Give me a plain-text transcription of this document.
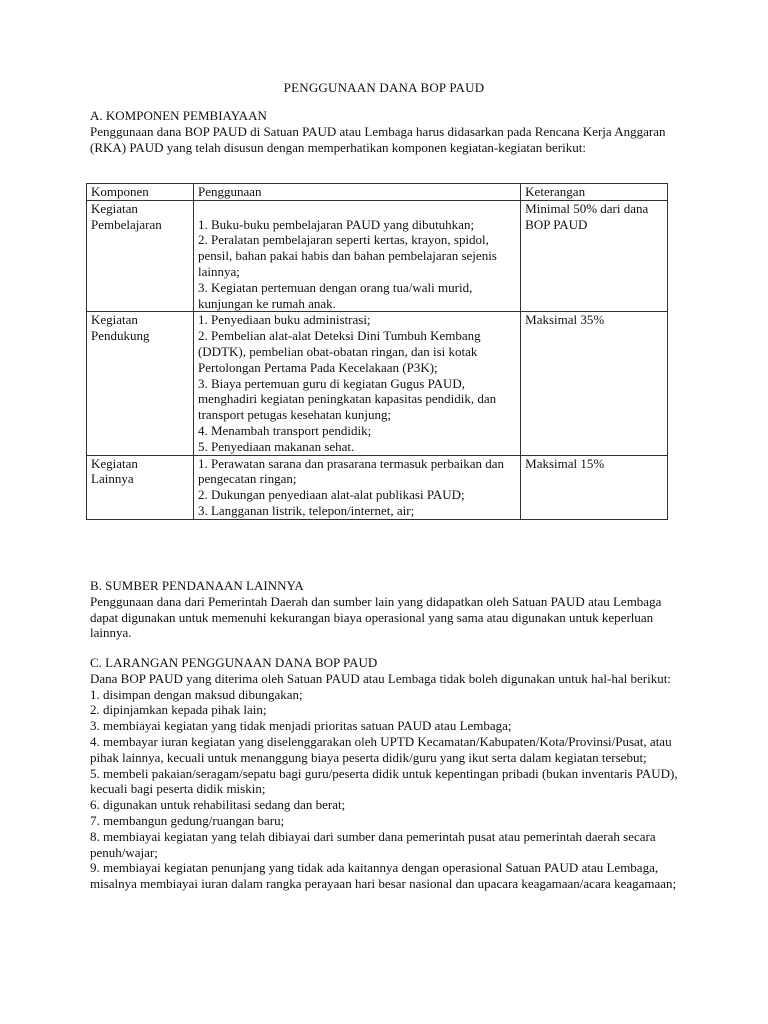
PENGGUNAAN DANA BOP PAUD

A. KOMPONEN PEMBIAYAAN

Penggunaan dana BOP PAUD di Satuan PAUD atau Lembaga harus didasarkan pada Rencana Kerja Anggaran (RKA) PAUD yang telah disusun dengan memperhatikan komponen kegiatan-kegiatan berikut:

Komponen	Penggunaan	Keterangan

Kegiatan
Pembelajaran	1. Buku-buku pembelajaran PAUD yang dibutuhkan;
2. Peralatan pembelajaran seperti kertas, krayon, spidol, pensil, bahan pakai habis dan bahan pembelajaran sejenis lainnya;
3. Kegiatan pertemuan dengan orang tua/wali murid, kunjungan ke rumah anak.	Minimal 50% dari dana BOP PAUD

Kegiatan
Pendukung	1. Penyediaan buku administrasi;
2. Pembelian alat-alat Deteksi Dini Tumbuh Kembang (DDTK), pembelian obat-obatan ringan, dan isi kotak Pertolongan Pertama Pada Kecelakaan (P3K);
3. Biaya pertemuan guru di kegiatan Gugus PAUD, menghadiri kegiatan peningkatan kapasitas pendidik, dan transport petugas kesehatan kunjung;
4. Menambah transport pendidik;
5. Penyediaan makanan sehat.	Maksimal 35%

Kegiatan
Lainnya	1. Perawatan sarana dan prasarana termasuk perbaikan dan pengecatan ringan;
2. Dukungan penyediaan alat-alat publikasi PAUD;
3. Langganan listrik, telepon/internet, air;	Maksimal 15%

B. SUMBER PENDANAAN LAINNYA

Penggunaan dana dari Pemerintah Daerah dan sumber lain yang didapatkan oleh Satuan PAUD atau Lembaga dapat digunakan untuk memenuhi kekurangan biaya operasional yang sama atau digunakan untuk keperluan lainnya.

C. LARANGAN PENGGUNAAN DANA BOP PAUD

Dana BOP PAUD yang diterima oleh Satuan PAUD atau Lembaga tidak boleh digunakan untuk hal-hal berikut:

1. disimpan dengan maksud dibungakan;
2. dipinjamkan kepada pihak lain;
3. membiayai kegiatan yang tidak menjadi prioritas satuan PAUD atau Lembaga;
4. membayar iuran kegiatan yang diselenggarakan oleh UPTD Kecamatan/Kabupaten/Kota/Provinsi/Pusat, atau pihak lainnya, kecuali untuk menanggung biaya peserta didik/guru yang ikut serta dalam kegiatan tersebut;
5. membeli pakaian/seragam/sepatu bagi guru/peserta didik untuk kepentingan pribadi (bukan inventaris PAUD), kecuali bagi peserta didik miskin;
6. digunakan untuk rehabilitasi sedang dan berat;
7. membangun gedung/ruangan baru;
8. membiayai kegiatan yang telah dibiayai dari sumber dana pemerintah pusat atau pemerintah daerah secara penuh/wajar;
9. membiayai kegiatan penunjang yang tidak ada kaitannya dengan operasional Satuan PAUD atau Lembaga, misalnya membiayai iuran dalam rangka perayaan hari besar nasional dan upacara keagamaan/acara keagamaan;
